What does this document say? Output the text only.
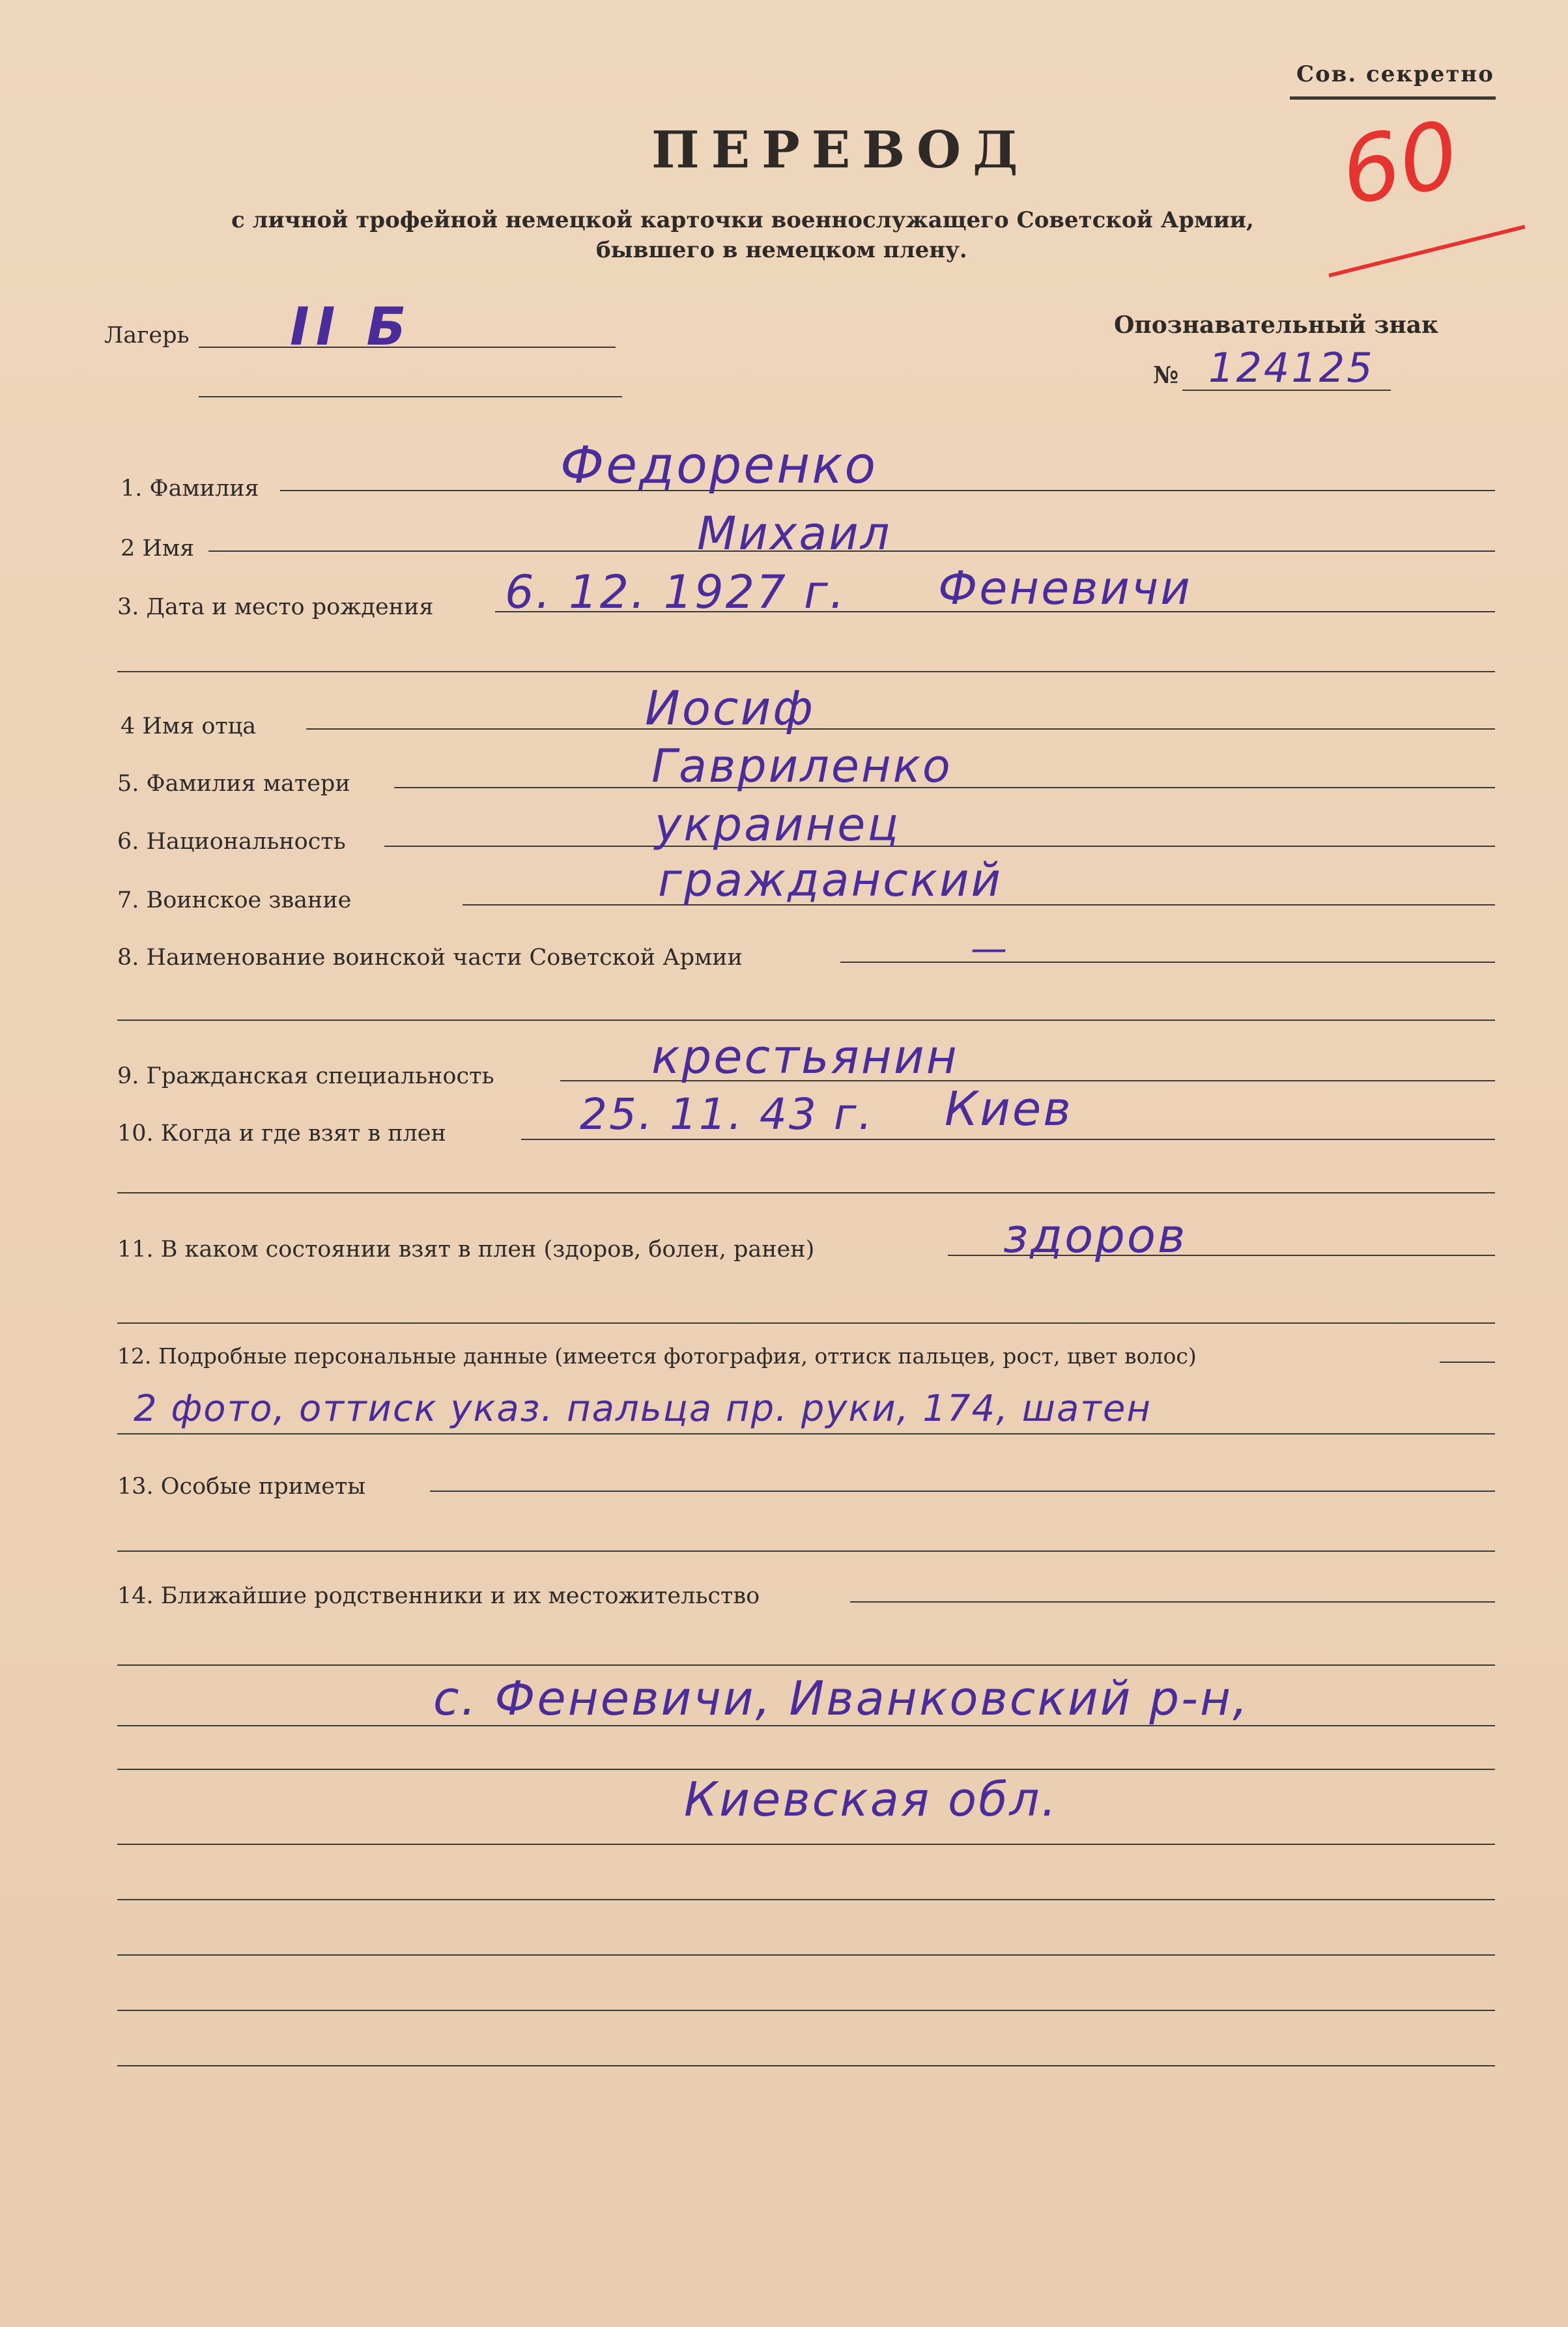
Сов. секретно
60
ПЕРЕВОД
с личной трофейной немецкой карточки военнослужащего Советской Армии,
бывшего в немецком плену.
Лагерь II Б	Опознавательный знак
№ 124125
1. Фамилия	Федоренко
2 Имя	Михаил
3. Дата и место рождения 6. 12. 1927 г. Феневичи
4 Имя отца	Иосиф
5. Фамилия матери	Гавриленко
6. Национальность	украинец
7. Воинское звание	гражданский
8. Наименование воинской части Советской Армии	—
9. Гражданская специальность	крестьянин
10. Когда и где взят в плен	25. 11. 43 г. Киев
11. В каком состоянии взят в плен (здоров, болен, ранен)	здоров
12. Подробные персональные данные (имеется фотография, оттиск пальцев, рост, цвет волос)
2 фото, оттиск указ. пальца пр. руки, 174, шатен
13. Особые приметы
14. Ближайшие родственники и их местожительство
с. Феневичи, Иванковский р-н,
Киевская обл.
